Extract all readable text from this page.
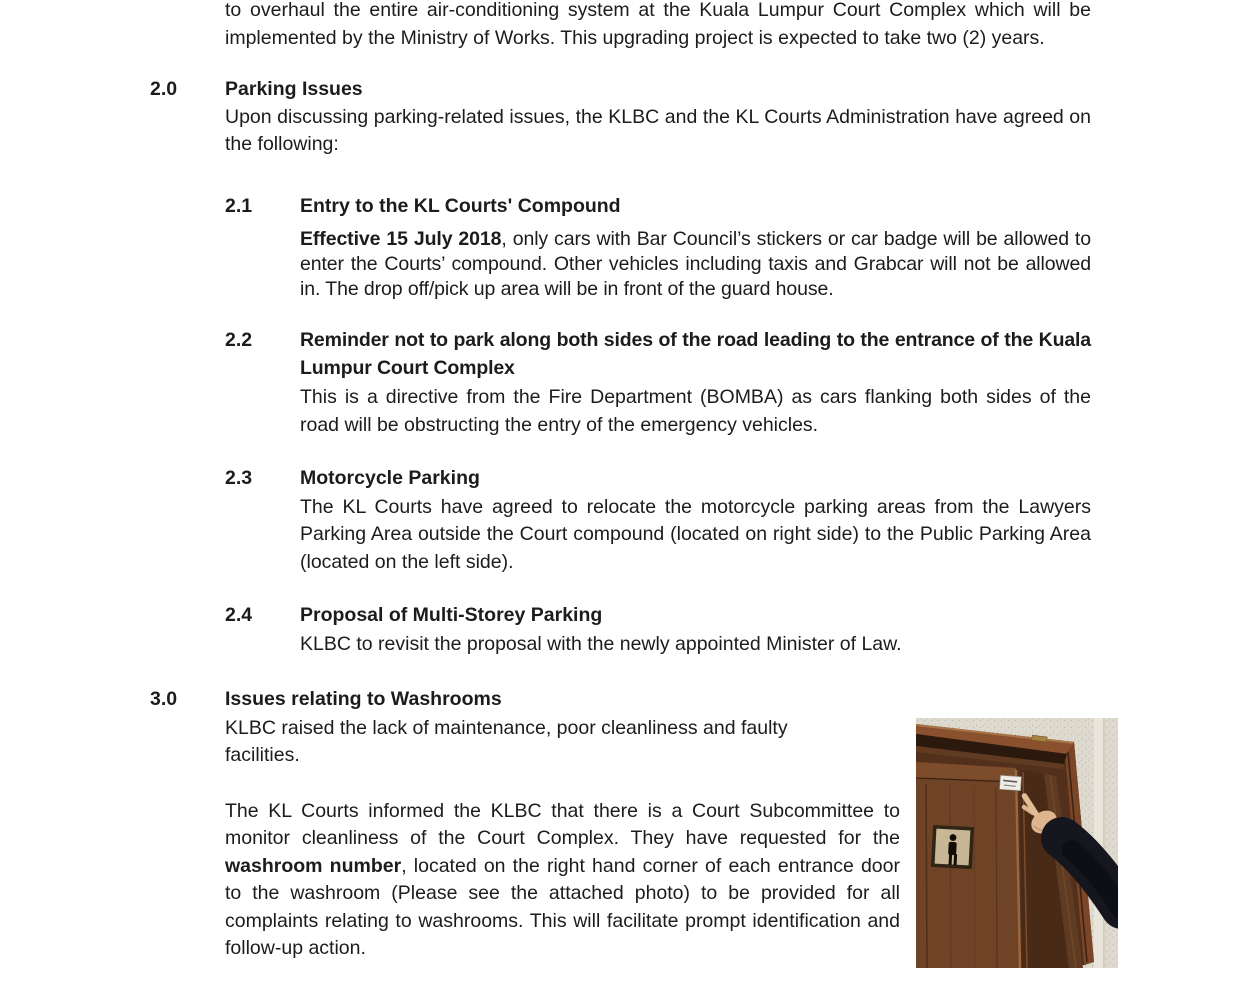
to overhaul the entire air-conditioning system at the Kuala Lumpur Court Complex which will be implemented by the Ministry of Works. This upgrading project is expected to take two (2) years.

2.0	Parking Issues

Upon discussing parking-related issues, the KLBC and the KL Courts Administration have agreed on the following:

2.1	Entry to the KL Courts' Compound

Effective 15 July 2018, only cars with Bar Council’s stickers or car badge will be allowed to enter the Courts’ compound. Other vehicles including taxis and Grabcar will not be allowed in. The drop off/pick up area will be in front of the guard house.

2.2	Reminder not to park along both sides of the road leading to the entrance of the Kuala Lumpur Court Complex

This is a directive from the Fire Department (BOMBA) as cars flanking both sides of the road will be obstructing the entry of the emergency vehicles.

2.3	Motorcycle Parking

The KL Courts have agreed to relocate the motorcycle parking areas from the Lawyers Parking Area outside the Court compound (located on right side) to the Public Parking Area (located on the left side).

2.4	Proposal of Multi-Storey Parking

KLBC to revisit the proposal with the newly appointed Minister of Law.

3.0	Issues relating to Washrooms

KLBC raised the lack of maintenance, poor cleanliness and faulty facilities.

The KL Courts informed the KLBC that there is a Court Subcommittee to monitor cleanliness of the Court Complex. They have requested for the washroom number, located on the right hand corner of each entrance door to the washroom (Please see the attached photo) to be provided for all complaints relating to washrooms. This will facilitate prompt identification and follow-up action.
